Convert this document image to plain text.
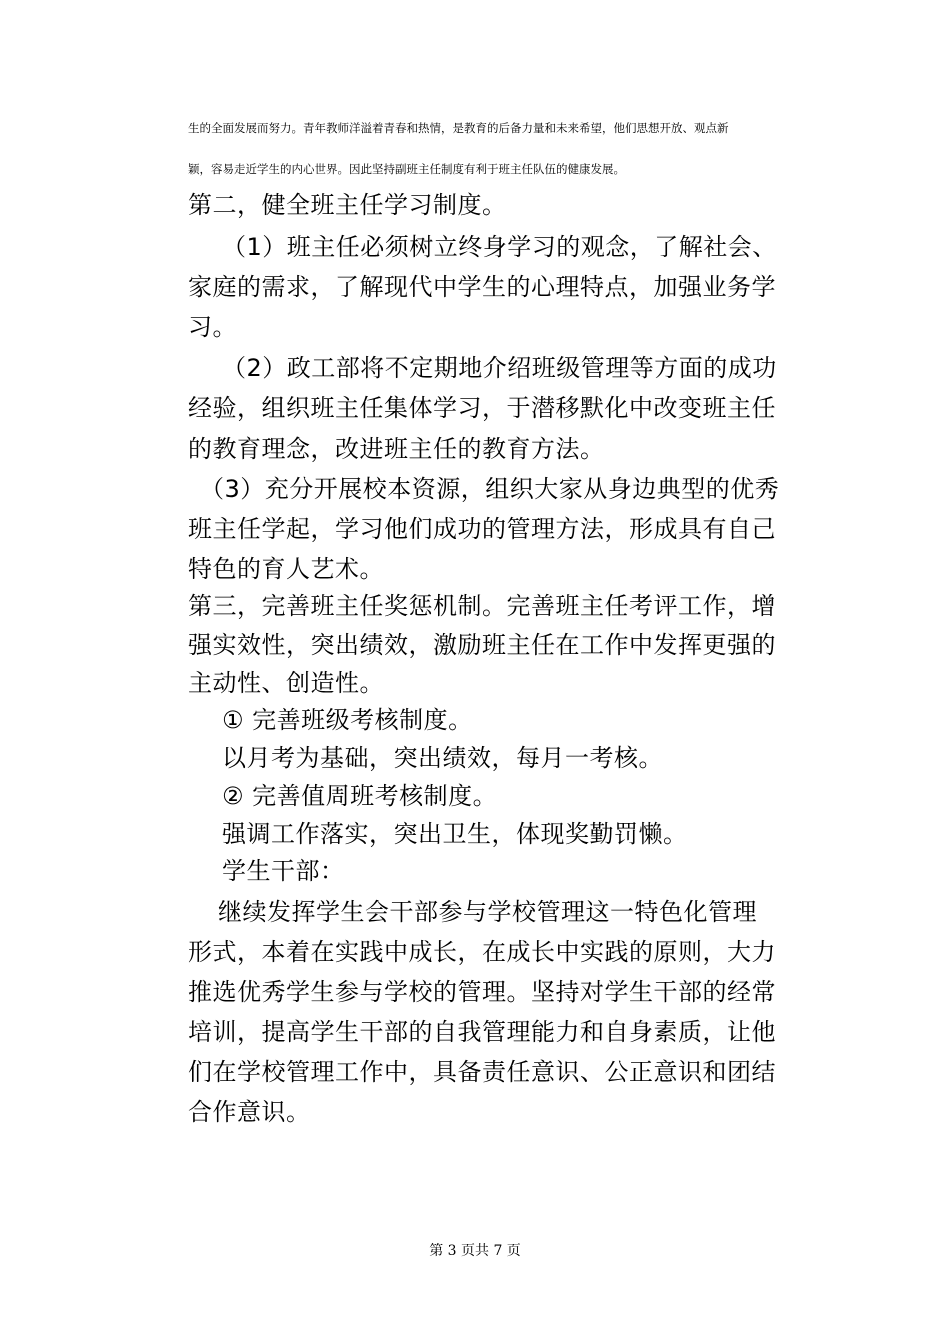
生的全面发展而努力。青年教师洋溢着青春和热情，是教育的后备力量和未来希望，他们思想开放、观点新
颖，容易走近学生的内心世界。因此坚持副班主任制度有利于班主任队伍的健康发展。
第二，健全班主任学习制度。
（1）班主任必须树立终身学习的观念，了解社会、
家庭的需求，了解现代中学生的心理特点，加强业务学
习。
（2）政工部将不定期地介绍班级管理等方面的成功
经验，组织班主任集体学习，于潜移默化中改变班主任
的教育理念，改进班主任的教育方法。
（3）充分开展校本资源，组织大家从身边典型的优秀
班主任学起，学习他们成功的管理方法，形成具有自己
特色的育人艺术。
第三，完善班主任奖惩机制。完善班主任考评工作，增
强实效性，突出绩效，激励班主任在工作中发挥更强的
主动性、创造性。
① 完善班级考核制度。
以月考为基础，突出绩效，每月一考核。
② 完善值周班考核制度。
强调工作落实，突出卫生，体现奖勤罚懒。
学生干部：
继续发挥学生会干部参与学校管理这一特色化管理
形式，本着在实践中成长，在成长中实践的原则，大力
推选优秀学生参与学校的管理。坚持对学生干部的经常
培训，提高学生干部的自我管理能力和自身素质，让他
们在学校管理工作中，具备责任意识、公正意识和团结
合作意识。
第 3 页共 7 页
